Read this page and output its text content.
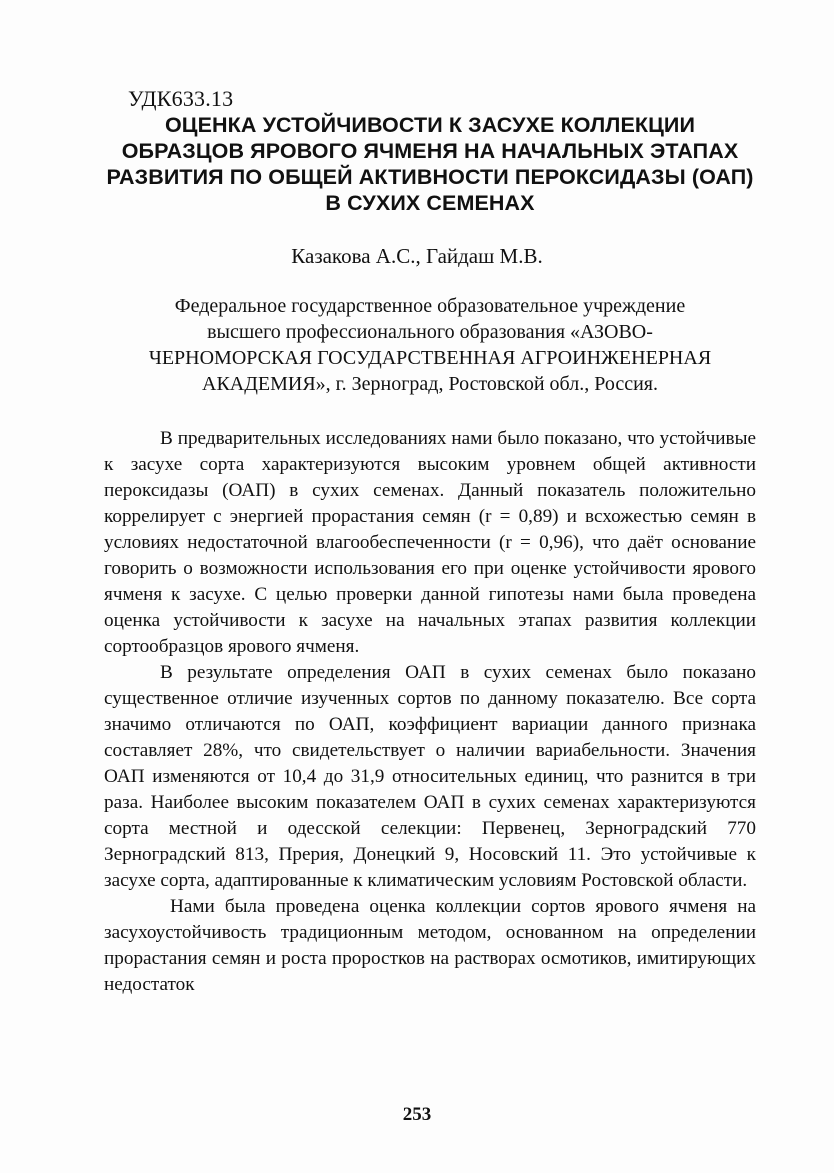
УДК633.13
ОЦЕНКА УСТОЙЧИВОСТИ К ЗАСУХЕ КОЛЛЕКЦИИ
ОБРАЗЦОВ ЯРОВОГО ЯЧМЕНЯ НА НАЧАЛЬНЫХ ЭТАПАХ
РАЗВИТИЯ ПО ОБЩЕЙ АКТИВНОСТИ ПЕРОКСИДАЗЫ (ОАП)
В СУХИХ СЕМЕНАХ
Казакова А.С., Гайдаш М.В.
Федеральное государственное образовательное учреждение
высшего профессионального образования «АЗОВО-
ЧЕРНОМОРСКАЯ ГОСУДАРСТВЕННАЯ АГРОИНЖЕНЕРНАЯ
АКАДЕМИЯ», г. Зерноград, Ростовской обл., Россия.

В предварительных исследованиях нами было показано, что устойчивые к засухе сорта характеризуются высоким уровнем общей активности пероксидазы (ОАП) в сухих семенах. Данный показатель положительно коррелирует с энергией прорастания семян (r = 0,89) и всхожестью семян в условиях недостаточной влагообеспеченности (r = 0,96), что даёт основание говорить о возможности использования его при оценке устойчивости ярового ячменя к засухе. С целью проверки данной гипотезы нами была проведена оценка устойчивости к засухе на начальных этапах развития коллекции сортообразцов ярового ячменя.

В результате определения ОАП в сухих семенах было показано существенное отличие изученных сортов по данному показателю. Все сорта значимо отличаются по ОАП, коэффициент вариации данного признака составляет 28%, что свидетельствует о наличии вариабельности. Значения ОАП изменяются от 10,4 до 31,9 относительных единиц, что разнится в три раза. Наиболее высоким показателем ОАП в сухих семенах характеризуются сорта местной и одесской селекции: Первенец, Зерноградский 770 Зерноградский 813, Прерия, Донецкий 9, Носовский 11. Это устойчивые к засухе сорта, адаптированные к климатическим условиям Ростовской области.

Нами была проведена оценка коллекции сортов ярового ячменя на засухоустойчивость традиционным методом, основанном на определении прорастания семян и роста проростков на растворах осмотиков, имитирующих недостаток

253
